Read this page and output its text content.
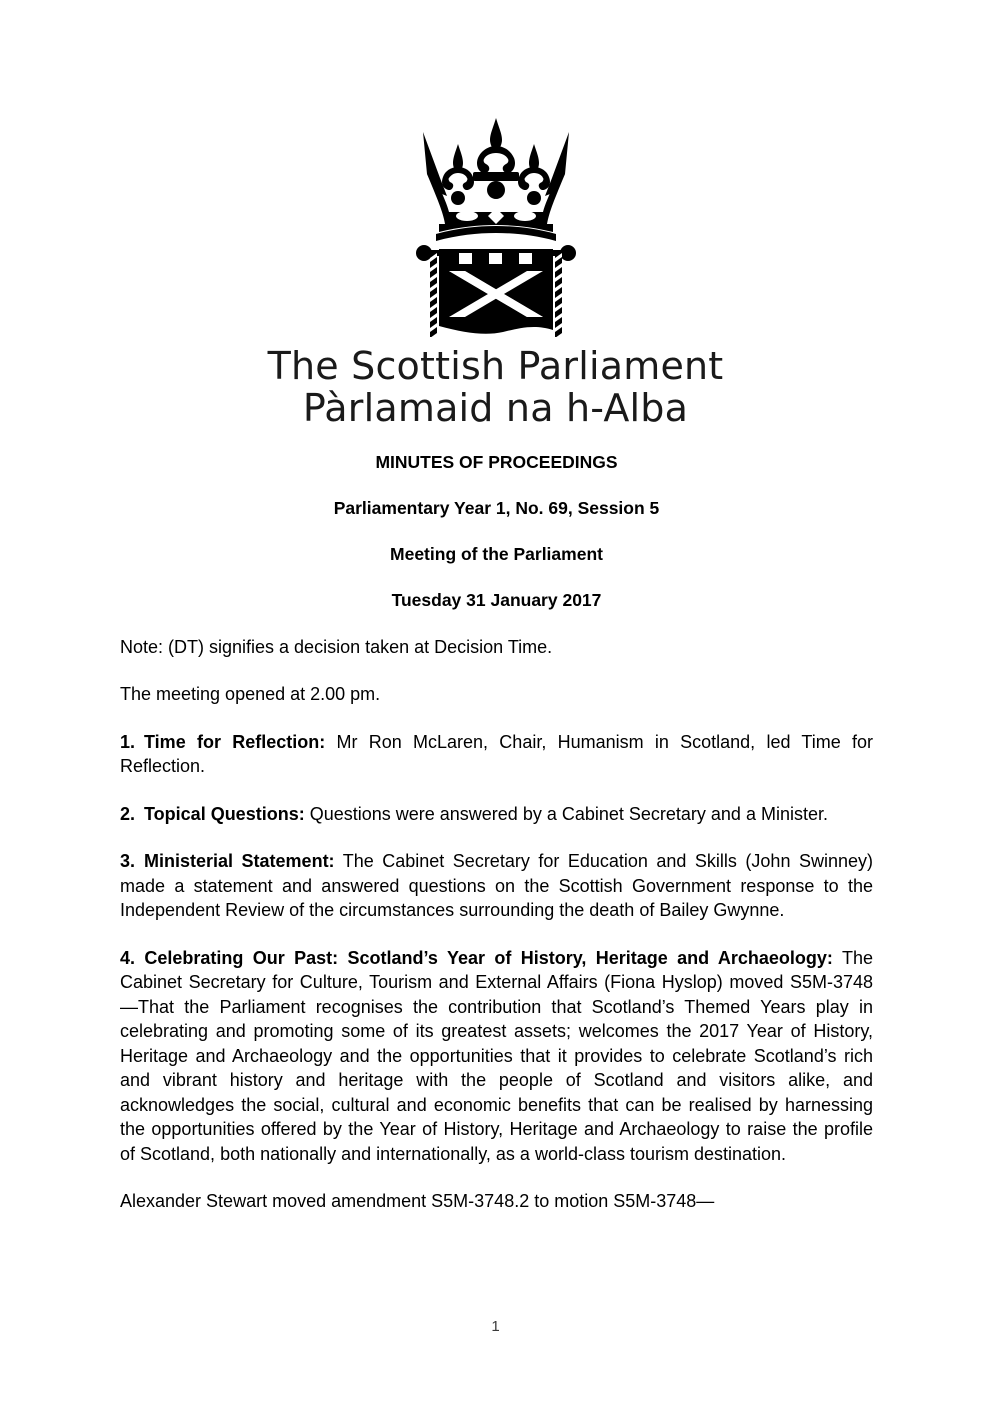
The Scottish Parliament
Pàrlamaid na h-Alba
MINUTES OF PROCEEDINGS
Parliamentary Year 1, No. 69, Session 5
Meeting of the Parliament
Tuesday 31 January 2017

Note: (DT) signifies a decision taken at Decision Time.

The meeting opened at 2.00 pm.

1. Time for Reflection: Mr Ron McLaren, Chair, Humanism in Scotland, led Time for Reflection.

2. Topical Questions: Questions were answered by a Cabinet Secretary and a Minister.

3. Ministerial Statement: The Cabinet Secretary for Education and Skills (John Swinney) made a statement and answered questions on the Scottish Government response to the Independent Review of the circumstances surrounding the death of Bailey Gwynne.

4. Celebrating Our Past: Scotland’s Year of History, Heritage and Archaeology: The Cabinet Secretary for Culture, Tourism and External Affairs (Fiona Hyslop) moved S5M-3748—That the Parliament recognises the contribution that Scotland’s Themed Years play in celebrating and promoting some of its greatest assets; welcomes the 2017 Year of History, Heritage and Archaeology and the opportunities that it provides to celebrate Scotland’s rich and vibrant history and heritage with the people of Scotland and visitors alike, and acknowledges the social, cultural and economic benefits that can be realised by harnessing the opportunities offered by the Year of History, Heritage and Archaeology to raise the profile of Scotland, both nationally and internationally, as a world-class tourism destination.

Alexander Stewart moved amendment S5M-3748.2 to motion S5M-3748—

1
